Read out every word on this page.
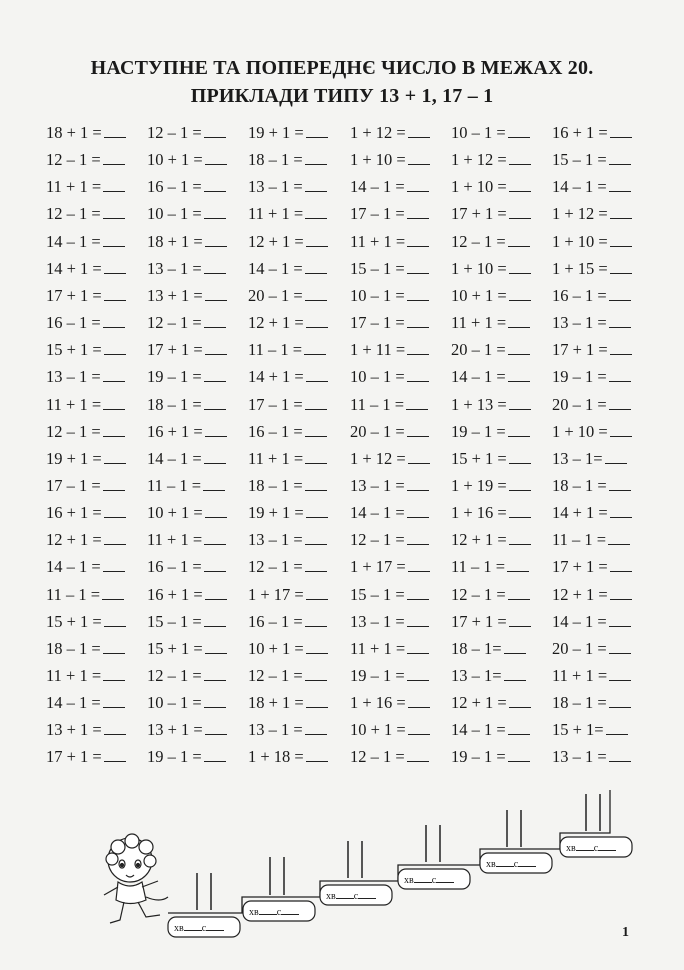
НАСТУПНЕ ТА ПОПЕРЕДНЄ ЧИСЛО В МЕЖАХ 20.
ПРИКЛАДИ ТИПУ 13 + 1, 17 – 1
18 + 1 =	12 – 1 =	19 + 1 =	1 + 12 =	10 – 1 =	16 + 1 =
12 – 1 =	10 + 1 =	18 – 1 =	1 + 10 =	1 + 12 =	15 – 1 =
11 + 1 =	16 – 1 =	13 – 1 =	14 – 1 =	1 + 10 =	14 – 1 =
12 – 1 =	10 – 1 =	11 + 1 =	17 – 1 =	17 + 1 =	1 + 12 =
14 – 1 =	18 + 1 =	12 + 1 =	11 + 1 =	12 – 1 =	1 + 10 =
14 + 1 =	13 – 1 =	14 – 1 =	15 – 1 =	1 + 10 =	1 + 15 =
17 + 1 =	13 + 1 =	20 – 1 =	10 – 1 =	10 + 1 =	16 – 1 =
16 – 1 =	12 – 1 =	12 + 1 =	17 – 1 =	11 + 1 =	13 – 1 =
15 + 1 =	17 + 1 =	11 – 1 =	1 + 11 =	20 – 1 =	17 + 1 =
13 – 1 =	19 – 1 =	14 + 1 =	10 – 1 =	14 – 1 =	19 – 1 =
11 + 1 =	18 – 1 =	17 – 1 =	11 – 1 =	1 + 13 =	20 – 1 =
12 – 1 =	16 + 1 =	16 – 1 =	20 – 1 =	19 – 1 =	1 + 10 =
19 + 1 =	14 – 1 =	11 + 1 =	1 + 12 =	15 + 1 =	13 – 1=
17 – 1 =	11 – 1 =	18 – 1 =	13 – 1 =	1 + 19 =	18 – 1 =
16 + 1 =	10 + 1 =	19 + 1 =	14 – 1 =	1 + 16 =	14 + 1 =
12 + 1 =	11 + 1 =	13 – 1 =	12 – 1 =	12 + 1 =	11 – 1 =
14 – 1 =	16 – 1 =	12 – 1 =	1 + 17 =	11 – 1 =	17 + 1 =
11 – 1 =	16 + 1 =	1 + 17 =	15 – 1 =	12 – 1 =	12 + 1 =
15 + 1 =	15 – 1 =	16 – 1 =	13 – 1 =	17 + 1 =	14 – 1 =
18 – 1 =	15 + 1 =	10 + 1 =	11 + 1 =	18 – 1=	20 – 1 =
11 + 1 =	12 – 1 =	12 – 1 =	19 – 1 =	13 – 1=	11 + 1 =
14 – 1 =	10 – 1 =	18 + 1 =	1 + 16 =	12 + 1 =	18 – 1 =
13 + 1 =	13 + 1 =	13 – 1 =	10 + 1 =	14 – 1 =	15 + 1=
17 + 1 =	19 – 1 =	1 + 18 =	12 – 1 =	19 – 1 =	13 – 1 =
хв с
хв с
хв с
хв с
хв с
хв с
1
